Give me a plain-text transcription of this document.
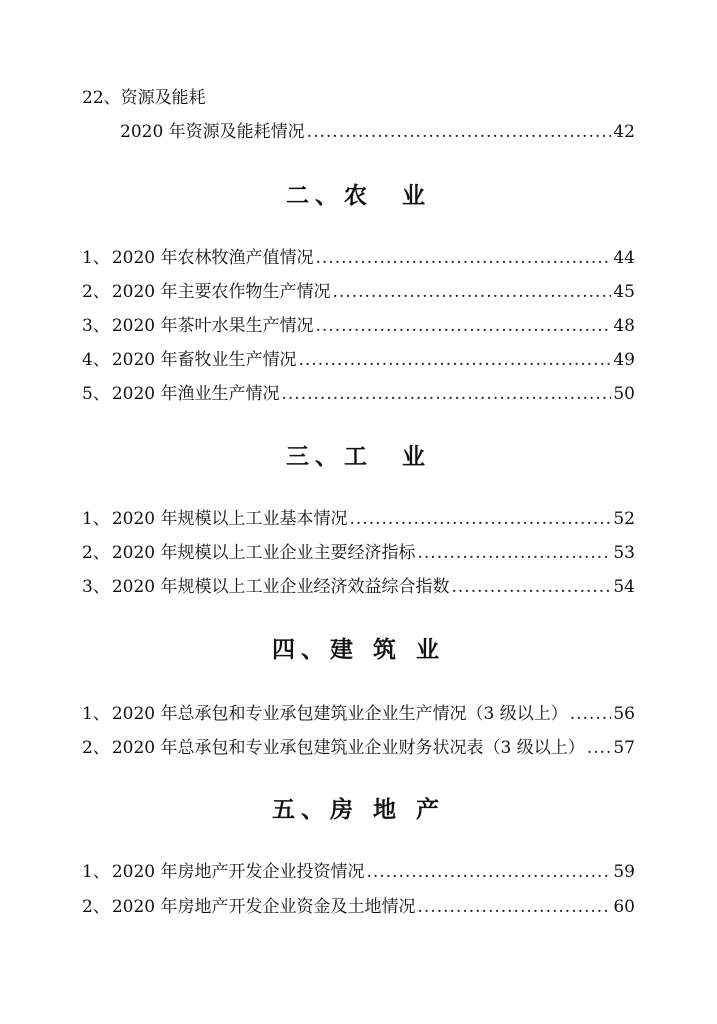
22、资源及能耗
2020 年资源及能耗情况 .....	42
二、农　业
1、 2020 年农林牧渔产值情况 .....	44
2、 2020 年主要农作物生产情况 .....	45
3、 2020 年茶叶水果生产情况 .....	48
4、 2020 年畜牧业生产情况 .....	49
5、 2020 年渔业生产情况 .....	50
三、工　业
1、 2020 年规模以上工业基本情况 .....	52
2、 2020 年规模以上工业企业主要经济指标 .....	53
3、 2020 年规模以上工业企业经济效益综合指数 .....	54
四、建 筑 业
1、 2020 年总承包和专业承包建筑业企业生产情况（3 级以上） .....	56
2、 2020 年总承包和专业承包建筑业企业财务状况表（3 级以上） ..... 57
五、房 地 产
1、 2020 年房地产开发企业投资情况 .....	59
2、 2020 年房地产开发企业资金及土地情况 .....	60
